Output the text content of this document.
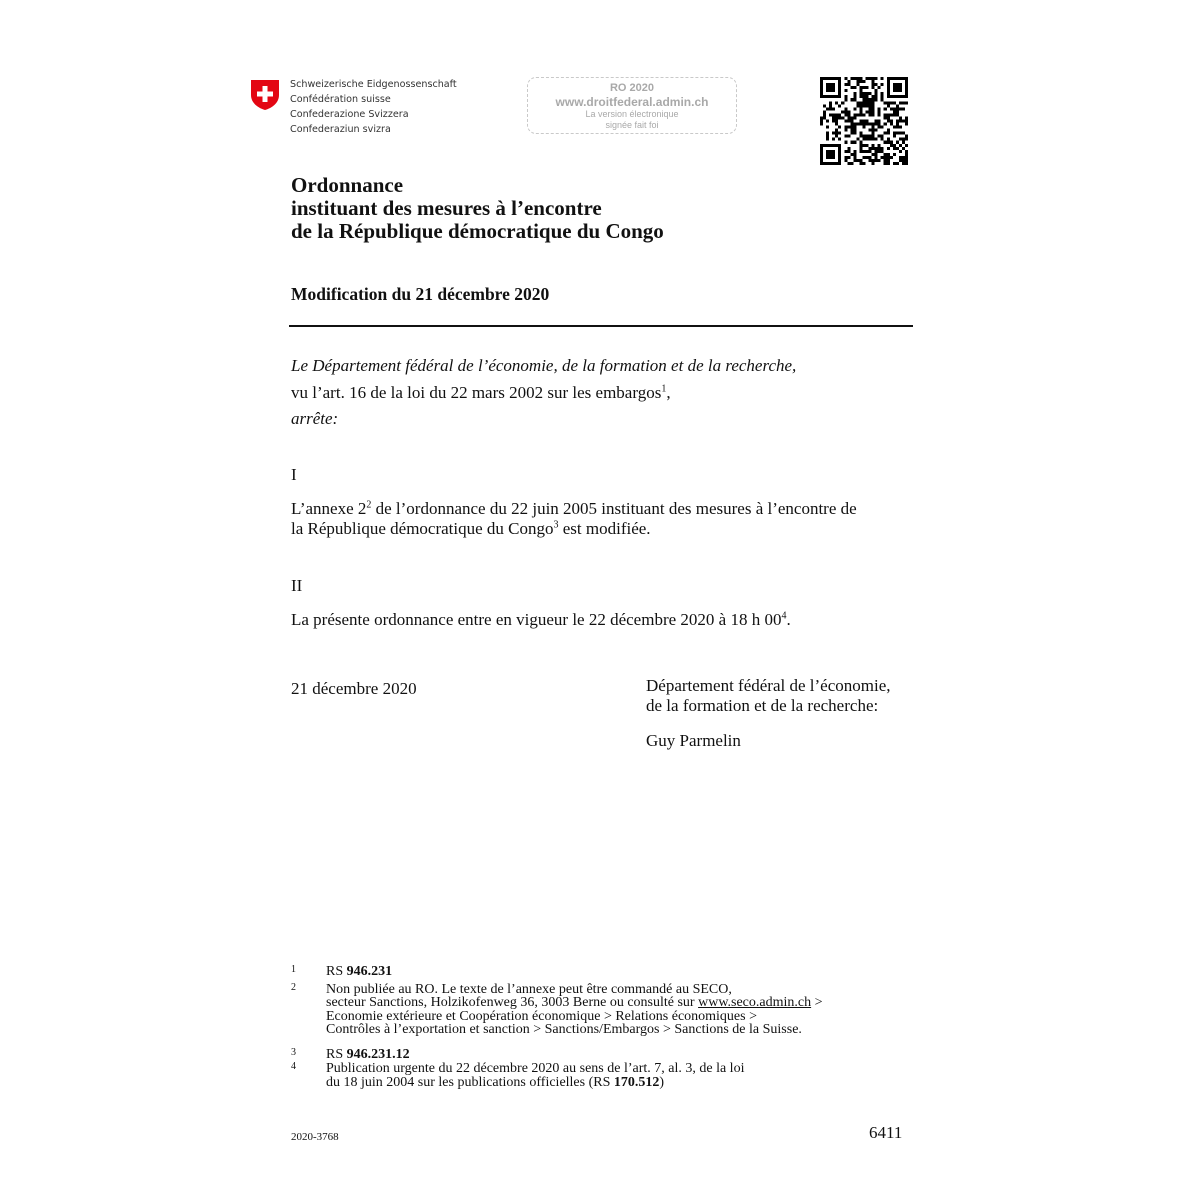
Schweizerische Eidgenossenschaft
Confédération suisse
Confederazione Svizzera
Confederaziun svizra
RO 2020
www.droitfederal.admin.ch
La version électronique
signée fait foi
Ordonnance
instituant des mesures à l’encontre
de la République démocratique du Congo
Modification du 21 décembre 2020
Le Département fédéral de l’économie, de la formation et de la recherche,
vu l’art. 16 de la loi du 22 mars 2002 sur les embargos$^1$,
arrête:
I
L’annexe $2^2$ de l’ordonnance du 22 juin 2005 instituant des mesures à l’encontre de
la République démocratique du Congo$^3$ est modifiée.
II
La présente ordonnance entre en vigueur le 22 décembre 2020 à 18 h $00^4$.
21 décembre 2020	Département fédéral de l’économie,
de la formation et de la recherche:
Guy Parmelin
1 RS 946.231
2 Non publiée au RO. Le texte de l’annexe peut être commandé au SECO,
secteur Sanctions, Holzikofenweg 36, 3003 Berne ou consulté sur www.seco.admin.ch >
Economie extérieure et Coopération économique > Relations économiques >
Contrôles à l’exportation et sanction > Sanctions/Embargos > Sanctions de la Suisse.
3 RS 946.231.12
4 Publication urgente du 22 décembre 2020 au sens de l’art. 7, al. 3, de la loi
du 18 juin 2004 sur les publications officielles (RS 170.512)
2020-3768	6411
